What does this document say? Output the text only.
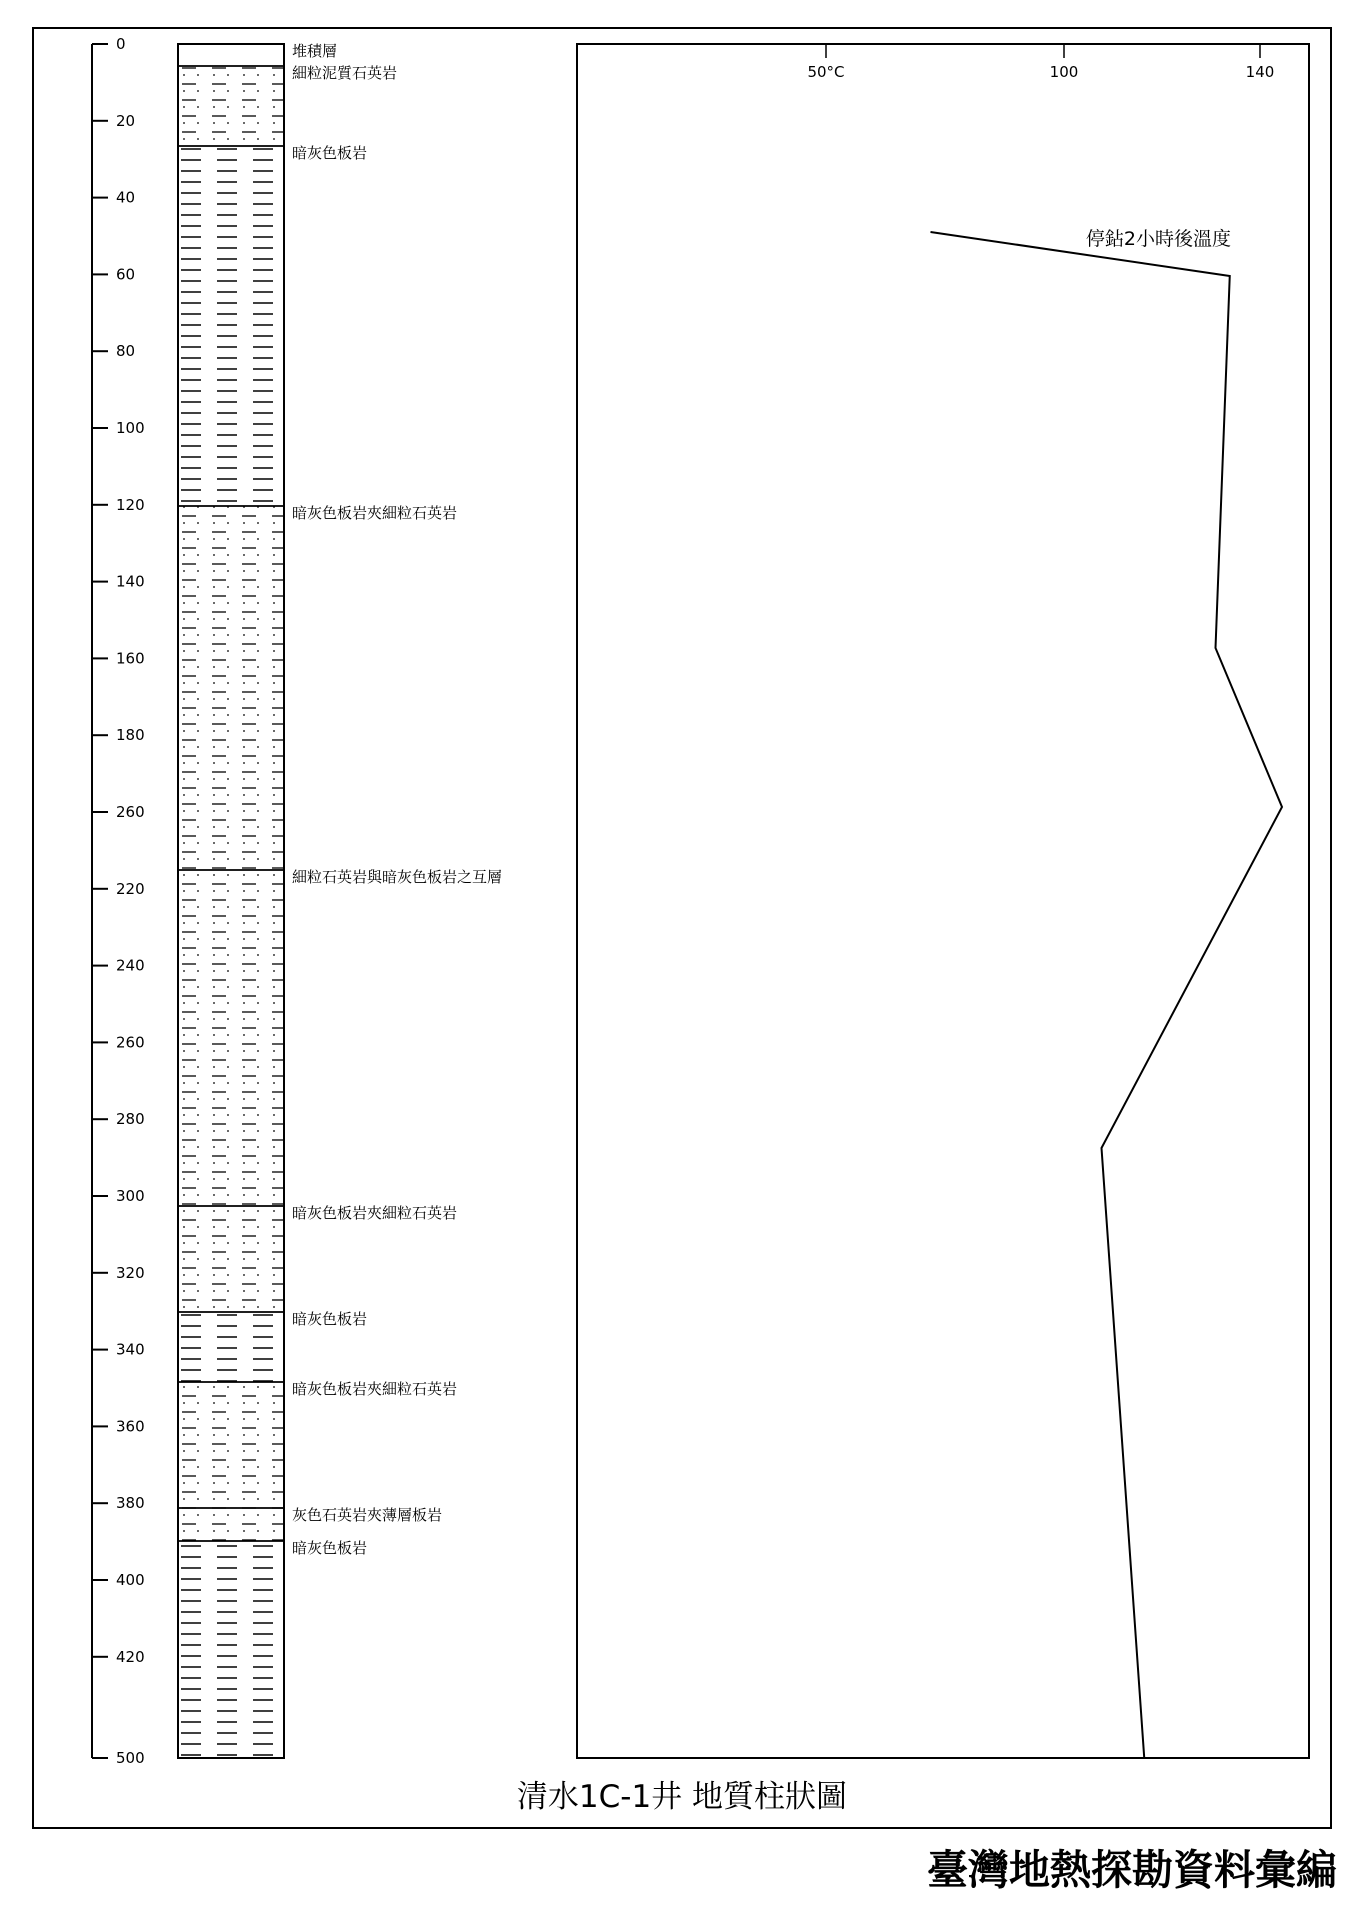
0
20
40
60
80
100
120
140
160
180
260
220
240
260
280
300
320
340
360
380
400
420
500
堆積層
細粒泥質石英岩
暗灰色板岩
暗灰色板岩夾細粒石英岩
細粒石英岩與暗灰色板岩之互層
暗灰色板岩夾細粒石英岩
暗灰色板岩
暗灰色板岩夾細粒石英岩
灰色石英岩夾薄層板岩
暗灰色板岩
50°C	100	140
停鉆2小時後溫度
清水1C-1井 地質柱狀圖
臺灣地熱探勘資料彙編
